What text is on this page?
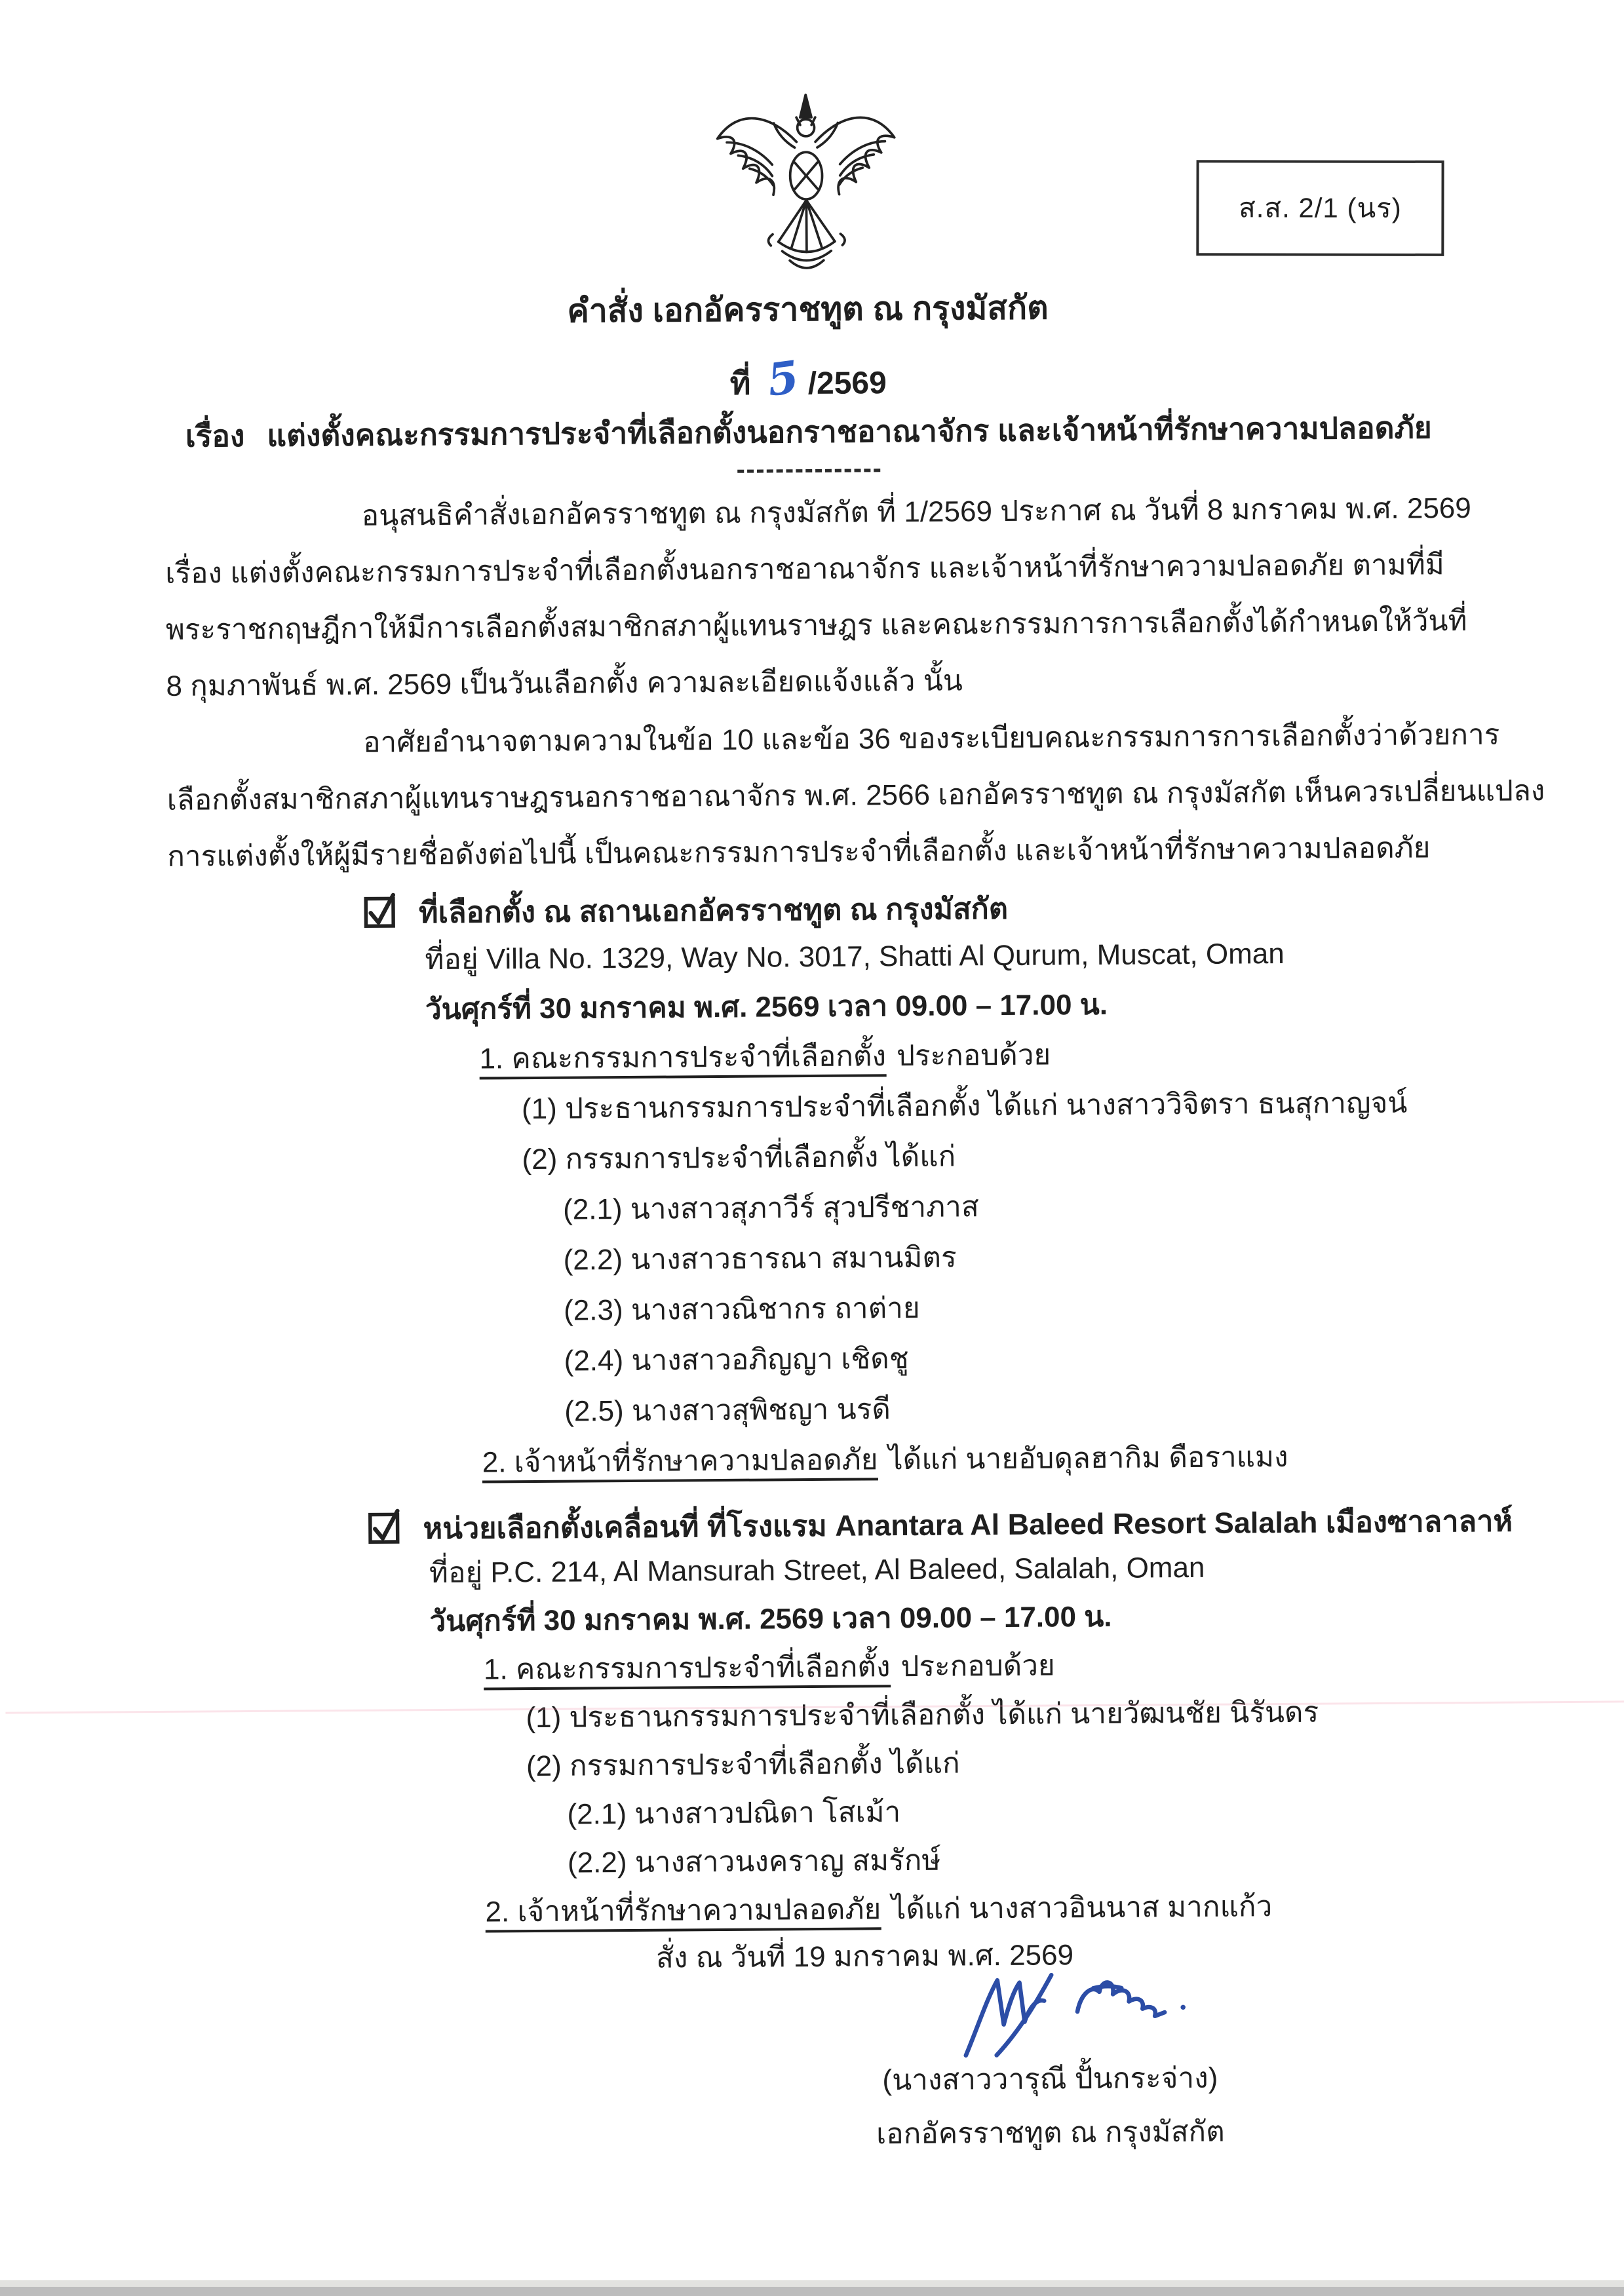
ส.ส. 2/1 (นร)
คำสั่ง เอกอัครราชทูต ณ กรุงมัสกัต
ที่ 5 /2569
เรื่อง แต่งตั้งคณะกรรมการประจำที่เลือกตั้งนอกราชอาณาจักร และเจ้าหน้าที่รักษาความปลอดภัย
อนุสนธิคำสั่งเอกอัครราชทูต ณ กรุงมัสกัต ที่ 1/2569 ประกาศ ณ วันที่ 8 มกราคม พ.ศ. 2569
เรื่อง แต่งตั้งคณะกรรมการประจำที่เลือกตั้งนอกราชอาณาจักร และเจ้าหน้าที่รักษาความปลอดภัย ตามที่มี
พระราชกฤษฎีกาให้มีการเลือกตั้งสมาชิกสภาผู้แทนราษฎร และคณะกรรมการการเลือกตั้งได้กำหนดให้วันที่
8 กุมภาพันธ์ พ.ศ. 2569 เป็นวันเลือกตั้ง ความละเอียดแจ้งแล้ว นั้น
อาศัยอำนาจตามความในข้อ 10 และข้อ 36 ของระเบียบคณะกรรมการการเลือกตั้งว่าด้วยการ
เลือกตั้งสมาชิกสภาผู้แทนราษฎรนอกราชอาณาจักร พ.ศ. 2566 เอกอัครราชทูต ณ กรุงมัสกัต เห็นควรเปลี่ยนแปลง
การแต่งตั้งให้ผู้มีรายชื่อดังต่อไปนี้ เป็นคณะกรรมการประจำที่เลือกตั้ง และเจ้าหน้าที่รักษาความปลอดภัย
ที่เลือกตั้ง ณ สถานเอกอัครราชทูต ณ กรุงมัสกัต
ที่อยู่ Villa No. 1329, Way No. 3017, Shatti Al Qurum, Muscat, Oman
วันศุกร์ที่ 30 มกราคม พ.ศ. 2569 เวลา 09.00 – 17.00 น.
1. คณะกรรมการประจำที่เลือกตั้ง ประกอบด้วย
(1) ประธานกรรมการประจำที่เลือกตั้ง ได้แก่ นางสาววิจิตรา ธนสุกาญจน์
(2) กรรมการประจำที่เลือกตั้ง ได้แก่
(2.1) นางสาวสุภาวีร์ สุวปรีชาภาส
(2.2) นางสาวธารณา สมานมิตร
(2.3) นางสาวณิชากร ถาต่าย
(2.4) นางสาวอภิญญา เชิดชู
(2.5) นางสาวสุพิชญา นรดี
2. เจ้าหน้าที่รักษาความปลอดภัย ได้แก่ นายอับดุลฮากิม ดือราแมง
หน่วยเลือกตั้งเคลื่อนที่ ที่โรงแรม Anantara Al Baleed Resort Salalah เมืองซาลาลาห์
ที่อยู่ P.C. 214, Al Mansurah Street, Al Baleed, Salalah, Oman
วันศุกร์ที่ 30 มกราคม พ.ศ. 2569 เวลา 09.00 – 17.00 น.
1. คณะกรรมการประจำที่เลือกตั้ง ประกอบด้วย
(1) ประธานกรรมการประจำที่เลือกตั้ง ได้แก่ นายวัฒนชัย นิรันดร
(2) กรรมการประจำที่เลือกตั้ง ได้แก่
(2.1) นางสาวปณิดา โสเม้า
(2.2) นางสาวนงคราญ สมรักษ์
2. เจ้าหน้าที่รักษาความปลอดภัย ได้แก่ นางสาวอินนาส มากแก้ว
สั่ง ณ วันที่ 19 มกราคม พ.ศ. 2569
(นางสาววารุณี ปั้นกระจ่าง)
เอกอัครราชทูต ณ กรุงมัสกัต
